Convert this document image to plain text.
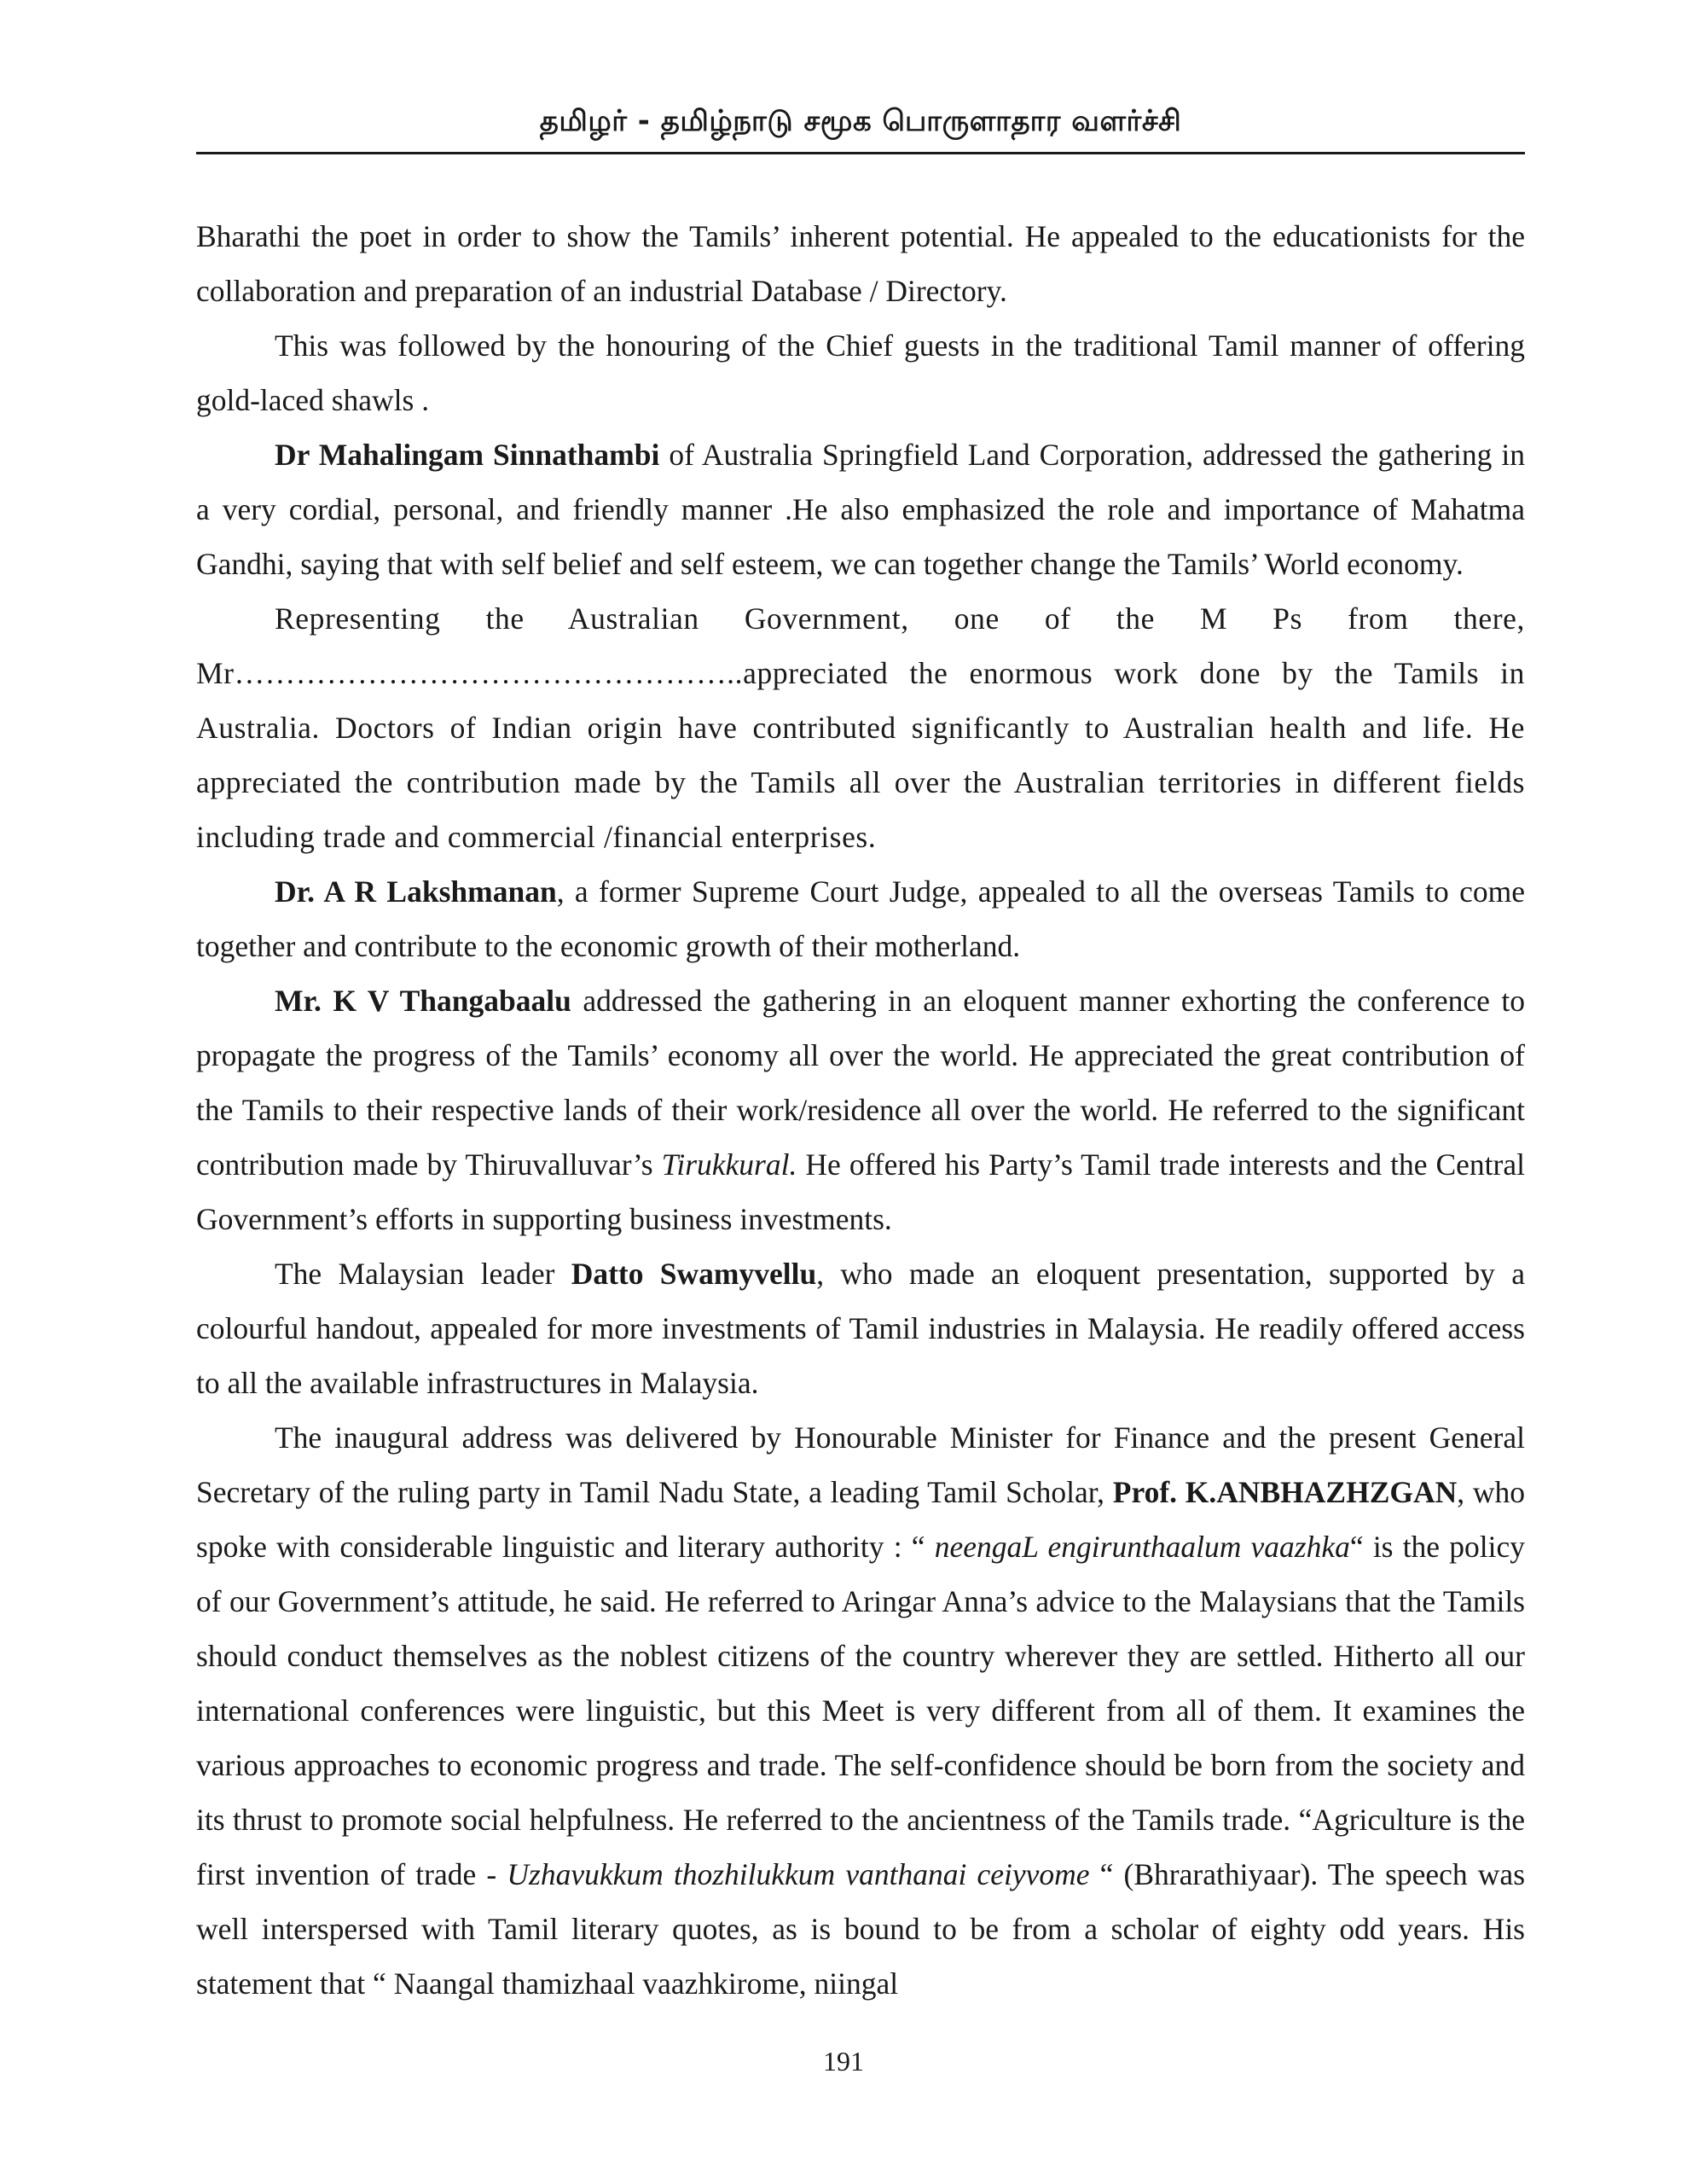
தமிழர் - தமிழ்நாடு சமூக பொருளாதார வளர்ச்சி

Bharathi the poet in order to show the Tamils’ inherent potential. He appealed to the educationists for the collaboration and preparation of an industrial Database / Directory.

This was followed by the honouring of the Chief guests in the traditional Tamil manner of offering gold-laced shawls .

Dr Mahalingam Sinnathambi of Australia Springfield Land Corporation, addressed the gathering in a very cordial, personal, and friendly manner .He also emphasized the role and importance of Mahatma Gandhi, saying that with self belief and self esteem, we can together change the Tamils’ World economy.

Representing the Australian Government, one of the M Ps from there, Mr…………………………………………..appreciated the enormous work done by the Tamils in Australia. Doctors of Indian origin have contributed significantly to Australian health and life. He appreciated the contribution made by the Tamils all over the Australian territories in different fields including trade and commercial /financial enterprises.

Dr. A R Lakshmanan, a former Supreme Court Judge, appealed to all the overseas Tamils to come together and contribute to the economic growth of their motherland.

Mr. K V Thangabaalu addressed the gathering in an eloquent manner exhorting the conference to propagate the progress of the Tamils’ economy all over the world. He appreciated the great contribution of the Tamils to their respective lands of their work/residence all over the world. He referred to the significant contribution made by Thiruvalluvar’s Tirukkural. He offered his Party’s Tamil trade interests and the Central Government’s efforts in supporting business investments.

The Malaysian leader Datto Swamyvellu, who made an eloquent presentation, supported by a colourful handout, appealed for more investments of Tamil industries in Malaysia. He readily offered access to all the available infrastructures in Malaysia.

The inaugural address was delivered by Honourable Minister for Finance and the present General Secretary of the ruling party in Tamil Nadu State, a leading Tamil Scholar, Prof. K.ANBHAZHZGAN, who spoke with considerable linguistic and literary authority : “ neengaL engirunthaalum vaazhka“ is the policy of our Government’s attitude, he said. He referred to Aringar Anna’s advice to the Malaysians that the Tamils should conduct themselves as the noblest citizens of the country wherever they are settled. Hitherto all our international conferences were linguistic, but this Meet is very different from all of them. It examines the various approaches to economic progress and trade. The self-confidence should be born from the society and its thrust to promote social helpfulness. He referred to the ancientness of the Tamils trade. “Agriculture is the first invention of trade - Uzhavukkum thozhilukkum vanthanai ceiyvome “ (Bhrarathiyaar). The speech was well interspersed with Tamil literary quotes, as is bound to be from a scholar of eighty odd years. His statement that “ Naangal thamizhaal vaazhkirome, niingal

191
